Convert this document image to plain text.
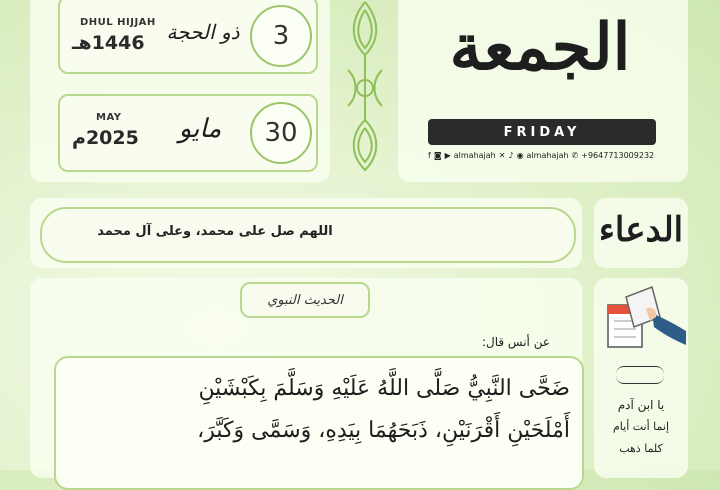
DHUL HIJJAH
1446هـ	ذو الحجة	3
MAY
2025م	مايو	30
الجمعة
FRIDAY
f ◙ ▶ almahajah ✕ ♪ ◉ almahajah ✆ +9647713009232
اللهم صل على محمد، وعلى آل محمد	الدعاء
الحديث النبوي
عن أنس قال:
ضَحَّى النَّبِيُّ صَلَّى اللَّهُ عَلَيْهِ وَسَلَّمَ بِكَبْشَيْنِ
أَمْلَحَيْنِ أَقْرَنَيْنِ، ذَبَحَهُمَا بِيَدِهِ، وَسَمَّى وَكَبَّرَ،
يا ابن آدم
إنما أنت أيام
كلما ذهب
